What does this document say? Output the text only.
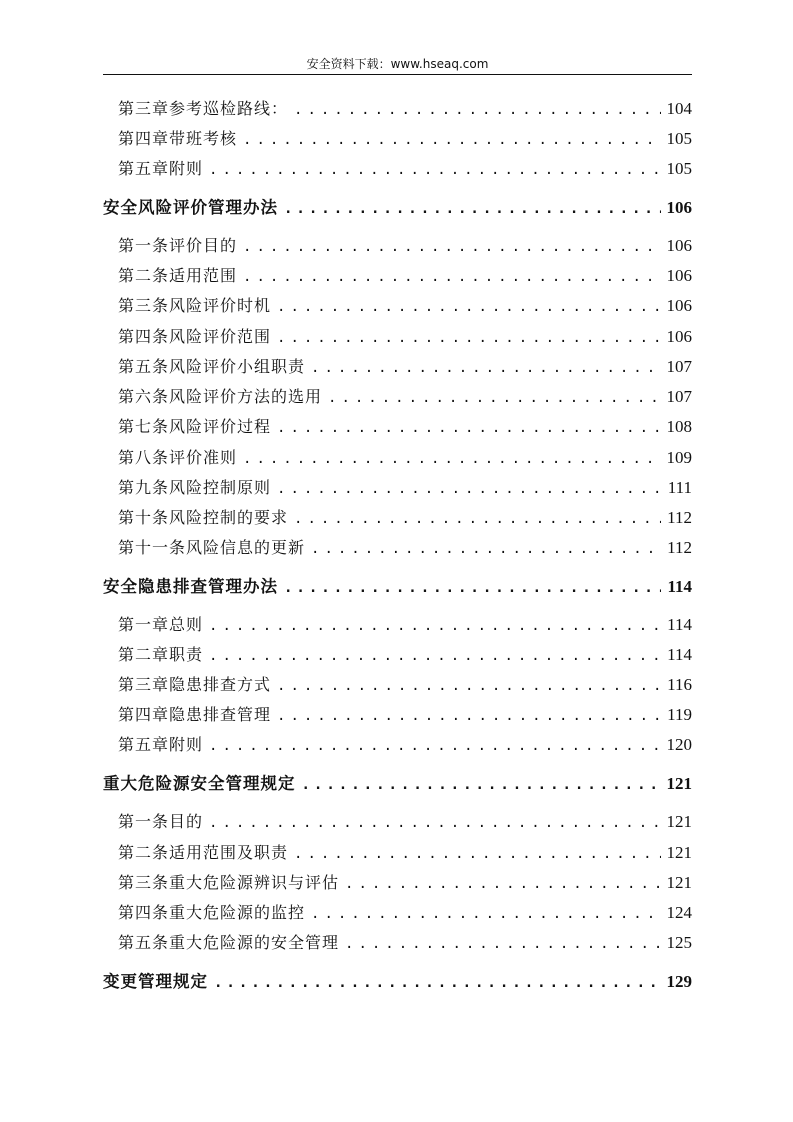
安全资料下载：www.hseaq.com
第三章参考巡检路线： .....	104
第四章带班考核 .....	105
第五章附则 .....	105
安全风险评价管理办法 .....	106
第一条评价目的 .....	106
第二条适用范围 .....	106
第三条风险评价时机 .....	106
第四条风险评价范围 .....	106
第五条风险评价小组职责 .....	107
第六条风险评价方法的选用 .....	107
第七条风险评价过程 .....	108
第八条评价准则 .....	109
第九条风险控制原则 .....	111
第十条风险控制的要求 .....	112
第十一条风险信息的更新 .....	112
安全隐患排查管理办法 .....	114
第一章总则 .....	114
第二章职责 .....	114
第三章隐患排查方式 .....	116
第四章隐患排查管理 .....	119
第五章附则 .....	120
重大危险源安全管理规定 .....	121
第一条目的 .....	121
第二条适用范围及职责 .....	121
第三条重大危险源辨识与评估 .....	121
第四条重大危险源的监控 .....	124
第五条重大危险源的安全管理 .....	125
变更管理规定 .....	129
